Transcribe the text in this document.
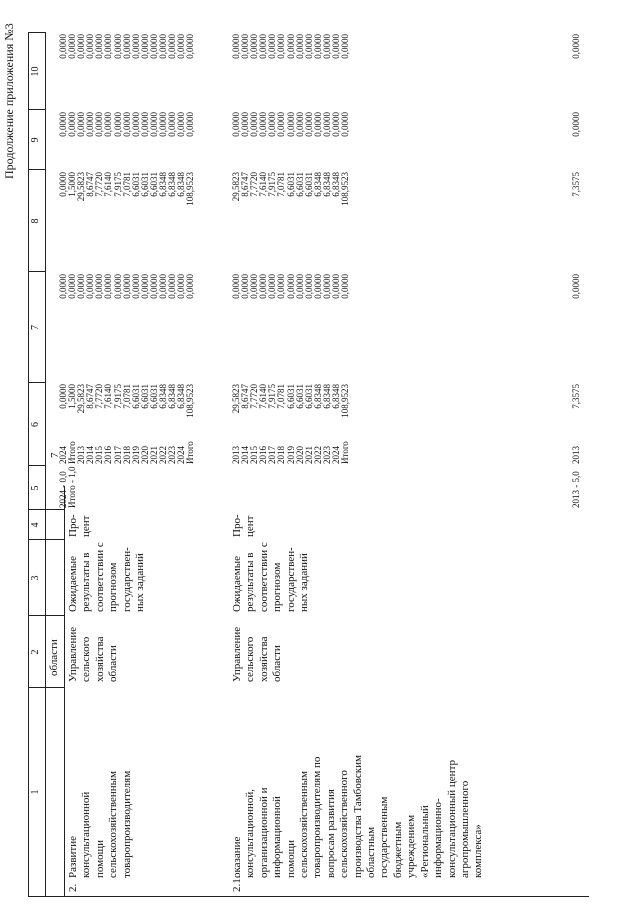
7
Продолжение приложения №3
1
2
3
4
5
6
7
8
9
10
области
2.
Развитие консультационной помощи сельскохозяйственным товаропроизводителям
Управление сельского хозяйства области
Ожидаемые результаты в соответствии с прогнозом государствен- ных заданий
Про- цент
2024 - 0,0 Итого - 1,0
2024 Итого 2013 2014 2015 2016 2017 2018 2019 2020 2021 2022 2023 2024 Итого
0,0000 1,5000 29,5823 8,6747 7,7720 7,6140 7,9175 7,0781 6,6031 6,6031 6,6031 6,8348 6,8348 6,8348 108,9523
0,0000 0,0000 0,0000 0,0000 0,0000 0,0000 0,0000 0,0000 0,0000 0,0000 0,0000 0,0000 0,0000 0,0000 0,0000
0,0000 1,5000 29,5823 8,6747 7,7720 7,6140 7,9175 7,0781 6,6031 6,6031 6,6031 6,8348 6,8348 6,8348 108,9523
0,0000 0,0000 0,0000 0,0000 0,0000 0,0000 0,0000 0,0000 0,0000 0,0000 0,0000 0,0000 0,0000 0,0000 0,0000
0,0000 0,0000 0,0000 0,0000 0,0000 0,0000 0,0000 0,0000 0,0000 0,0000 0,0000 0,0000 0,0000 0,0000 0,0000
2.1.
оказание консультационной, организационной и информационной помощи сельскохозяйственным товаропроизводителям по вопросам развития сельскохозяйственного производства Тамбовским областным государственным бюджетным учреждением «Региональный информационно- консультационный центр агропромышленного комплекса»
Управление сельского хозяйства области
Ожидаемые результаты в соответствии с прогнозом государствен- ных заданий
Про- цент
2013 2014 2015 2016 2017 2018 2019 2020 2021 2022 2023 2024 Итого
29,5823 8,6747 7,7720 7,6140 7,9175 7,0781 6,6031 6,6031 6,6031 6,8348 6,8348 6,8348 108,9523
0,0000 0,0000 0,0000 0,0000 0,0000 0,0000 0,0000 0,0000 0,0000 0,0000 0,0000 0,0000 0,0000
29,5823 8,6747 7,7720 7,6140 7,9175 7,0781 6,6031 6,6031 6,6031 6,8348 6,8348 6,8348 108,9523
0,0000 0,0000 0,0000 0,0000 0,0000 0,0000 0,0000 0,0000 0,0000 0,0000 0,0000 0,0000 0,0000
0,0000 0,0000 0,0000 0,0000 0,0000 0,0000 0,0000 0,0000 0,0000 0,0000 0,0000 0,0000 0,0000
2013 - 5,0
2013
7,3575
0,0000
7,3575
0,0000
0,0000
